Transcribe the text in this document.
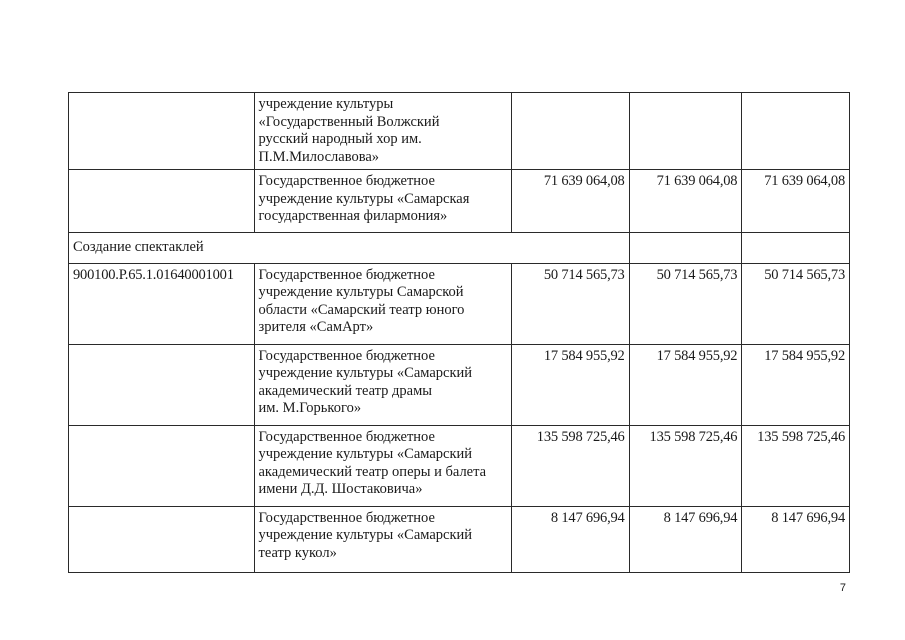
	учреждение культуры
«Государственный Волжский
русский народный хор им.
П.М.Милославова»			

	Государственное бюджетное
учреждение культуры «Самарская
государственная филармония»	71 639 064,08	71 639 064,08	71 639 064,08
Создание спектаклей				
900100.Р.65.1.01640001001	Государственное бюджетное
учреждение культуры Самарской
области «Самарский театр юного
зрителя «СамАрт»	50 714 565,73	50 714 565,73	50 714 565,73

	Государственное бюджетное
учреждение культуры «Самарский
академический театр драмы
им. М.Горького»	17 584 955,92	17 584 955,92	17 584 955,92

	Государственное бюджетное
учреждение культуры «Самарский
академический театр оперы и балета
имени Д.Д. Шостаковича»	135 598 725,46	135 598 725,46	135 598 725,46

	Государственное бюджетное
учреждение культуры «Самарский
театр кукол»	8 147 696,94	8 147 696,94	8 147 696,94
7
